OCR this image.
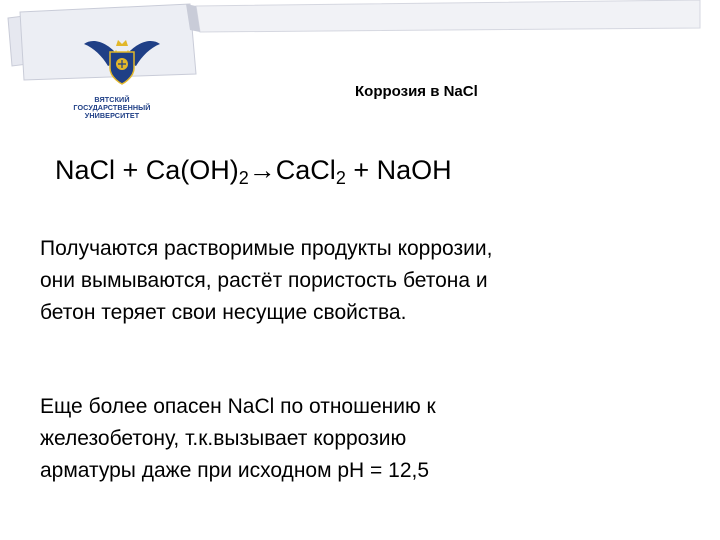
ВЯТСКИЙ
ГОСУДАРСТВЕННЫЙ
УНИВЕРСИТЕТ
Коррозия в NaCl
NaCl + $Ca(OH)_2\to CaCl_2$ + NaOH
Получаются растворимые продукты коррозии,
они вымываются, растёт пористость бетона и
бетон теряет свои несущие свойства.
Еще более опасен NaCl по отношению к
железобетону, т.к.вызывает коррозию
арматуры даже при исходном pH = 12,5
